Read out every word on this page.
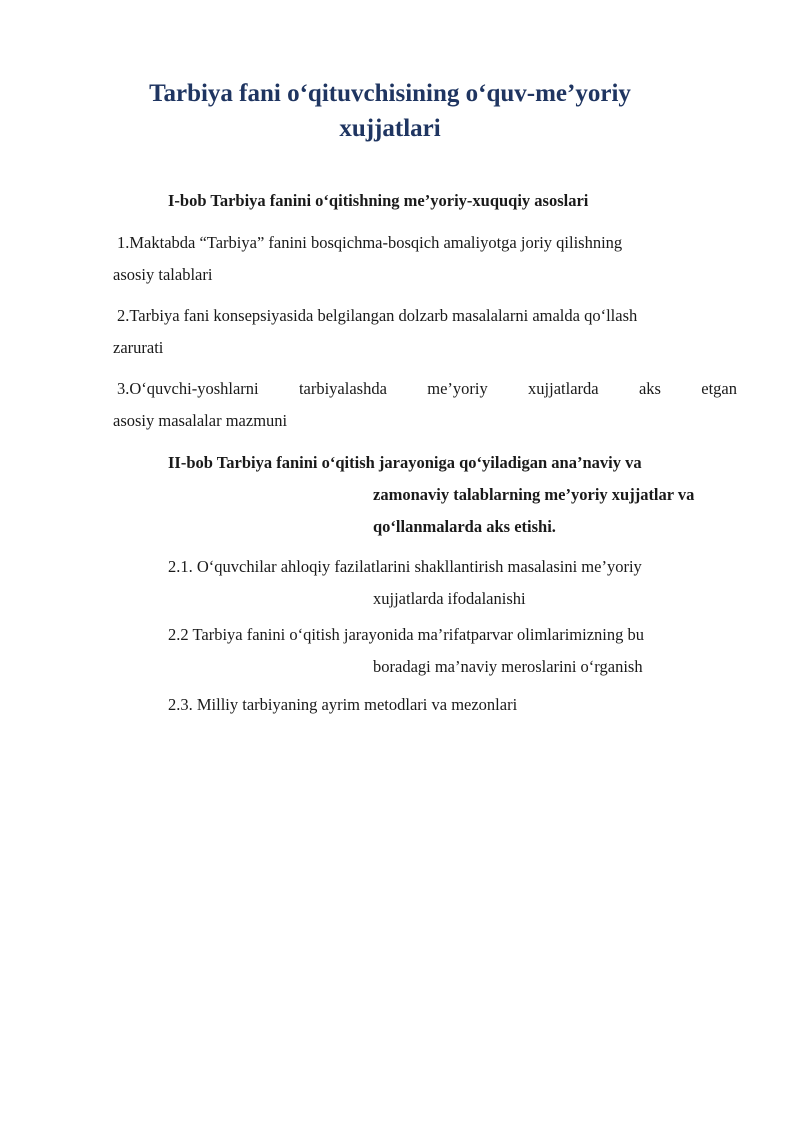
Tarbiya fani o‘qituvchisining o‘quv-me’yoriy
xujjatlari

I-bob Tarbiya fanini o‘qitishning me’yoriy-xuquqiy asoslari

1.Maktabda “Tarbiya” fanini bosqichma-bosqich amaliyotga joriy qilishning

asosiy talablari

2.Tarbiya fani konsepsiyasida belgilangan dolzarb masalalarni amalda qo‘llash

zarurati

3.O‘quvchi-yoshlarni tarbiyalashda me’yoriy xujjatlarda aks etgan

asosiy masalalar mazmuni

II-bob Tarbiya fanini o‘qitish jarayoniga qo‘yiladigan ana’naviy va

zamonaviy talablarning me’yoriy xujjatlar va

qo‘llanmalarda aks etishi.

2.1. O‘quvchilar ahloqiy fazilatlarini shakllantirish masalasini me’yoriy

xujjatlarda ifodalanishi

2.2 Tarbiya fanini o‘qitish jarayonida ma’rifatparvar olimlarimizning bu

boradagi ma’naviy meroslarini o‘rganish

2.3. Milliy tarbiyaning ayrim metodlari va mezonlari
